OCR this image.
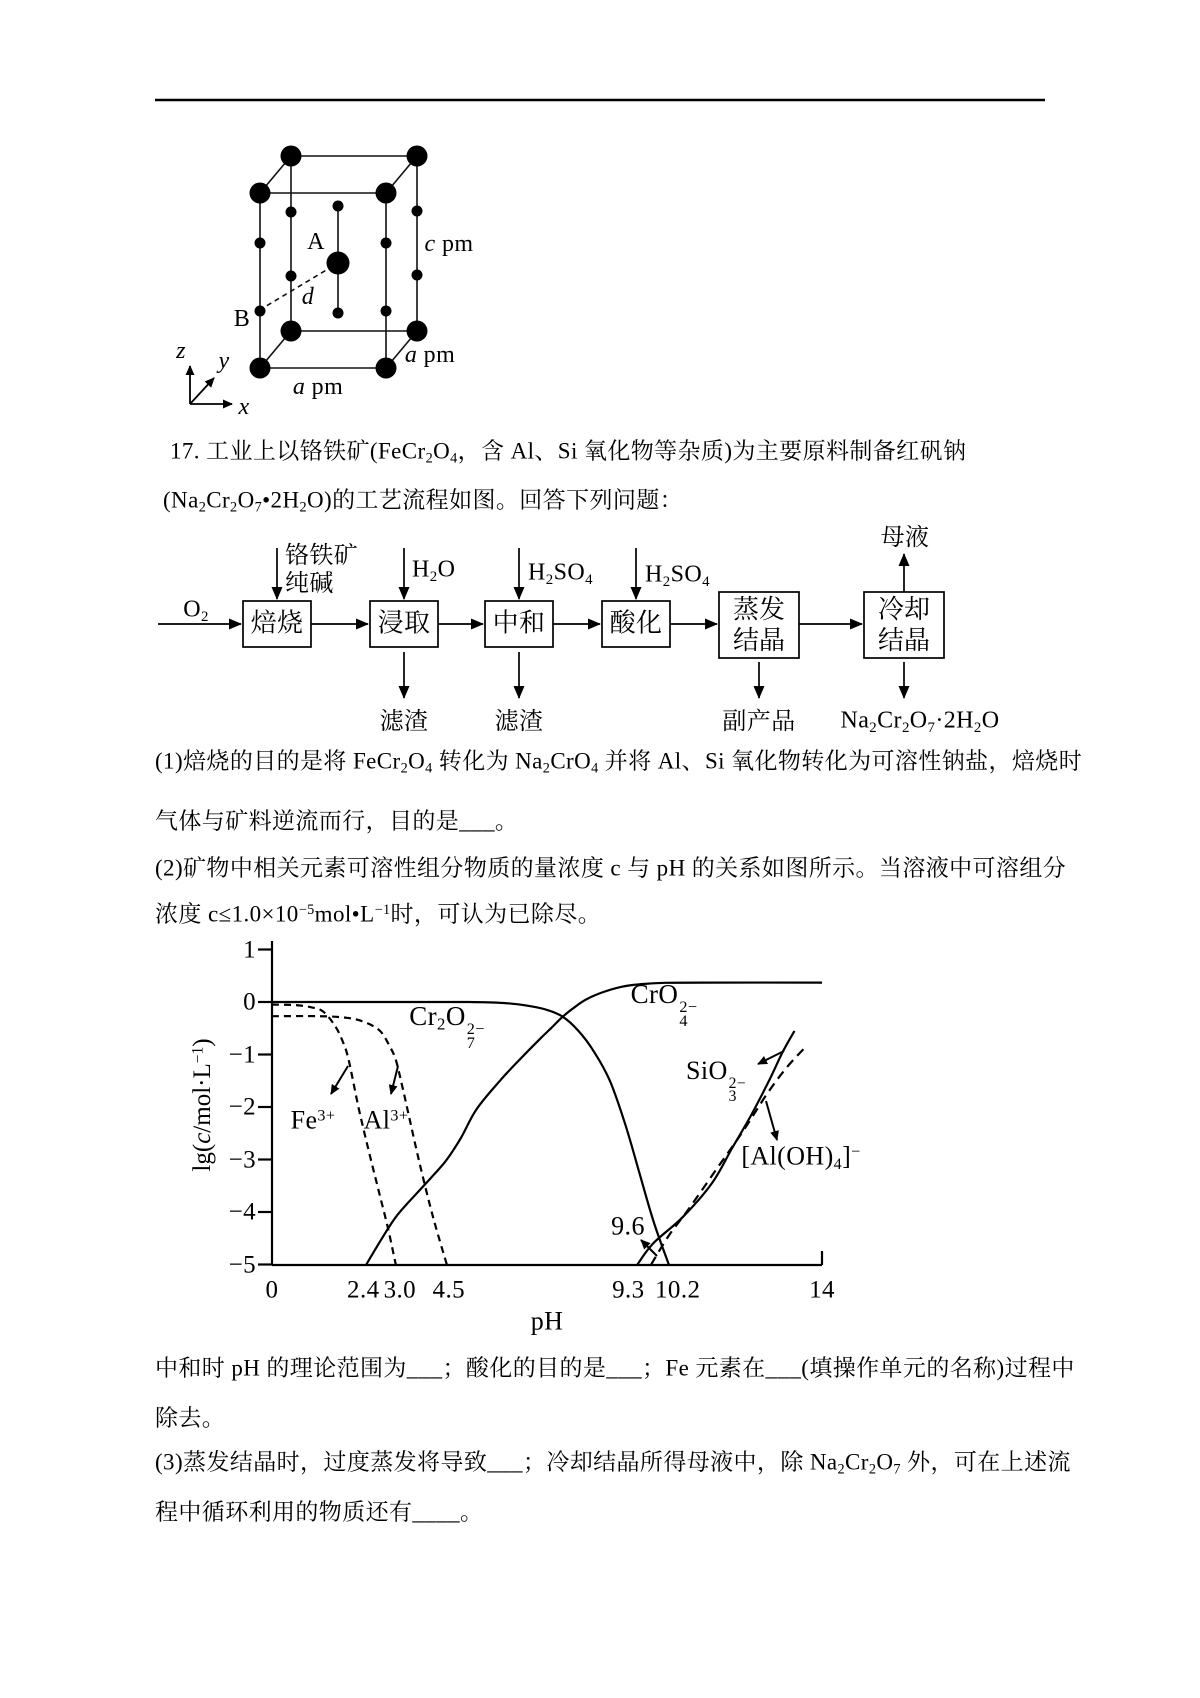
A
B
d
c pm
a pm
a pm
x
y
z
17. 工业上以铬铁矿($FeCr_2O_4$，含 Al、Si 氧化物等杂质)为主要原料制备红矾钠
$(Na_2Cr_2O_7•2H_2O)$的工艺流程如图。回答下列问题：
(1)焙烧的目的是将 $FeCr_2O_4$ 转化为 $Na_2CrO_4$ 并将 Al、Si 氧化物转化为可溶性钠盐，焙烧时
气体与矿料逆流而行，目的是___。
(2)矿物中相关元素可溶性组分物质的量浓度 c 与 pH 的关系如图所示。当溶液中可溶组分
浓度 $c\le 1.0\times 10^{-5}mol•L^{-1}$时，可认为已除尽。
中和时 pH 的理论范围为___；酸化的目的是___；Fe 元素在___(填操作单元的名称)过程中
除去。
(3)蒸发结晶时，过度蒸发将导致___；冷却结晶所得母液中，除 $Na_2Cr_2O_7$ 外，可在上述流
程中循环利用的物质还有____。
$O_2$
铬铁矿
纯碱
$H_2O$	$H_2SO_4$ $H_2SO_4$
母液
焙烧	浸取 中和 酸化	蒸发
结晶
冷却
结晶
滤渣	滤渣	副产品 $Na_2Cr_2O_7\cdot 2H_2O$
$\lg(c/mol\cdot L^{-1})$
pH
1
0
−1
−2
−3
−4
−5
0	2.4 3.0 4.5	9.3 10.2	14
$Cr_2O$ 2−
7
CrO 2−
4
SiO 2−
3
$[Al(OH)_4]^-$
$Fe^{3+}$ $Al^{3+}$
9.6
